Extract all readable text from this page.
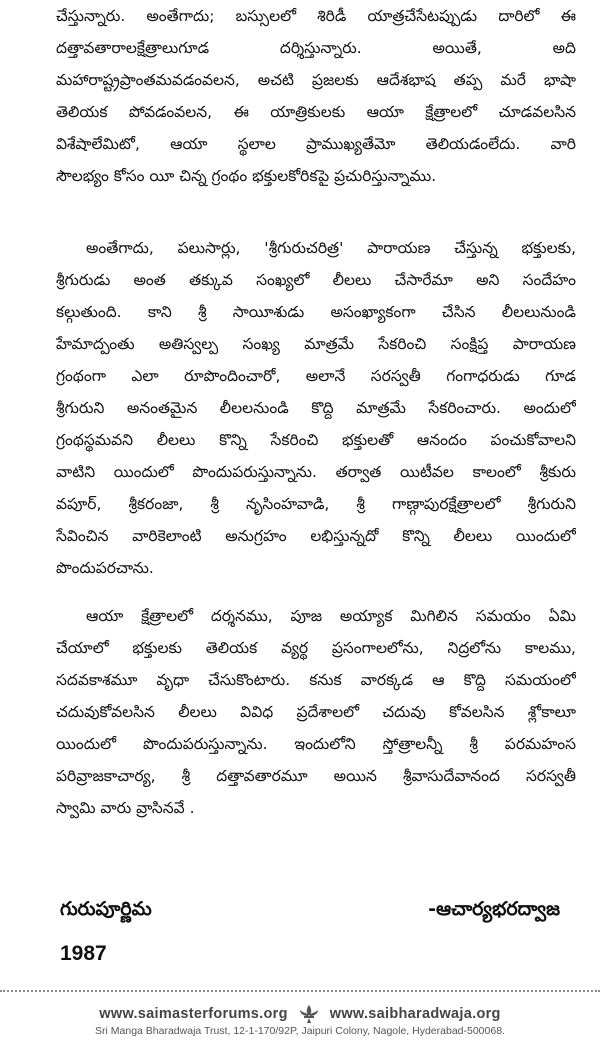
చేస్తున్నారు. అంతేగాదు; బస్సులలో శిరిడీ యాత్రచేసేటప్పుడు దారిలో ఈ
దత్తావతారాలక్షేత్రాలుగూడ దర్శిస్తున్నారు. అయితే, అది
మహారాష్ట్రప్రాంతమవడంవలన, అచటి ప్రజలకు ఆదేశభాష తప్ప మరే భాషా
తెలియక పోవడంవలన, ఈ యాత్రికులకు ఆయా క్షేత్రాలలో చూడవలసిన
విశేషాలేమిటో, ఆయా స్థలాల ప్రాముఖ్యతేమో తెలియడంలేదు. వారి
సౌలభ్యం కోసం యీ చిన్న గ్రంథం భక్తులకోరికపై ప్రచురిస్తున్నాము.
అంతేగాదు, పలుసార్లు, 'శ్రీగురుచరిత్ర' పారాయణ చేస్తున్న భక్తులకు,
శ్రీగురుడు అంత తక్కువ సంఖ్యలో లీలలు చేసారేమా అని సందేహం
కల్గుతుంది. కాని శ్రీ సాయీశుడు అసంఖ్యాకంగా చేసిన లీలలునుండి
హేమాద్పంతు అతిస్వల్ప సంఖ్య మాత్రమే సేకరించి సంక్షిప్త పారాయణ
గ్రంథంగా ఎలా రూపొందించారో, అలానే సరస్వతీ గంగాధరుడు గూడ
శ్రీగురుని అనంతమైన లీలలనుండి కొద్ది మాత్రమే సేకరించారు. అందులో
గ్రంథస్థమవని లీలలు కొన్ని సేకరించి భక్తులతో ఆనందం పంచుకోవాలని
వాటిని యిందులో పొందుపరుస్తున్నాను. తర్వాత యిటీవల కాలంలో శ్రీకురు
వపూర్, శ్రీకరంజా, శ్రీ నృసింహవాడి, శ్రీ గాణ్గాపురక్షేత్రాలలో శ్రీగురుని
సేవించిన వారికెలాంటి అనుగ్రహం లభిస్తున్నదో కొన్ని లీలలు యిందులో
పొందుపరచాను.
ఆయా క్షేత్రాలలో దర్శనము, పూజ అయ్యాక మిగిలిన సమయం ఏమి
చేయాలో భక్తులకు తెలియక వ్యర్థ ప్రసంగాలలోను, నిద్రలోను కాలము,
సదవకాశమూ వృధా చేసుకొంటారు. కనుక వారక్కడ ఆ కొద్ది సమయంలో
చదువుకోవలసిన లీలలు వివిధ ప్రదేశాలలో చదువు కోవలసిన శ్లోకాలూ
యిందులో పొందుపరుస్తున్నాను. ఇందులోని స్తోత్రాలన్నీ శ్రీ పరమహంస
పరివ్రాజకాచార్య, శ్రీ దత్తావతారమూ అయిన శ్రీవాసుదేవానంద సరస్వతీ
స్వామి వారు వ్రాసినవే .
గురుపూర్ణిమ	-ఆచార్యభరద్వాజ
1987
www.saimasterforums.org	www.saibharadwaja.org
Sri Manga Bharadwaja Trust, 12-1-170/92P, Jaipuri Colony, Nagole, Hyderabad-500068.
